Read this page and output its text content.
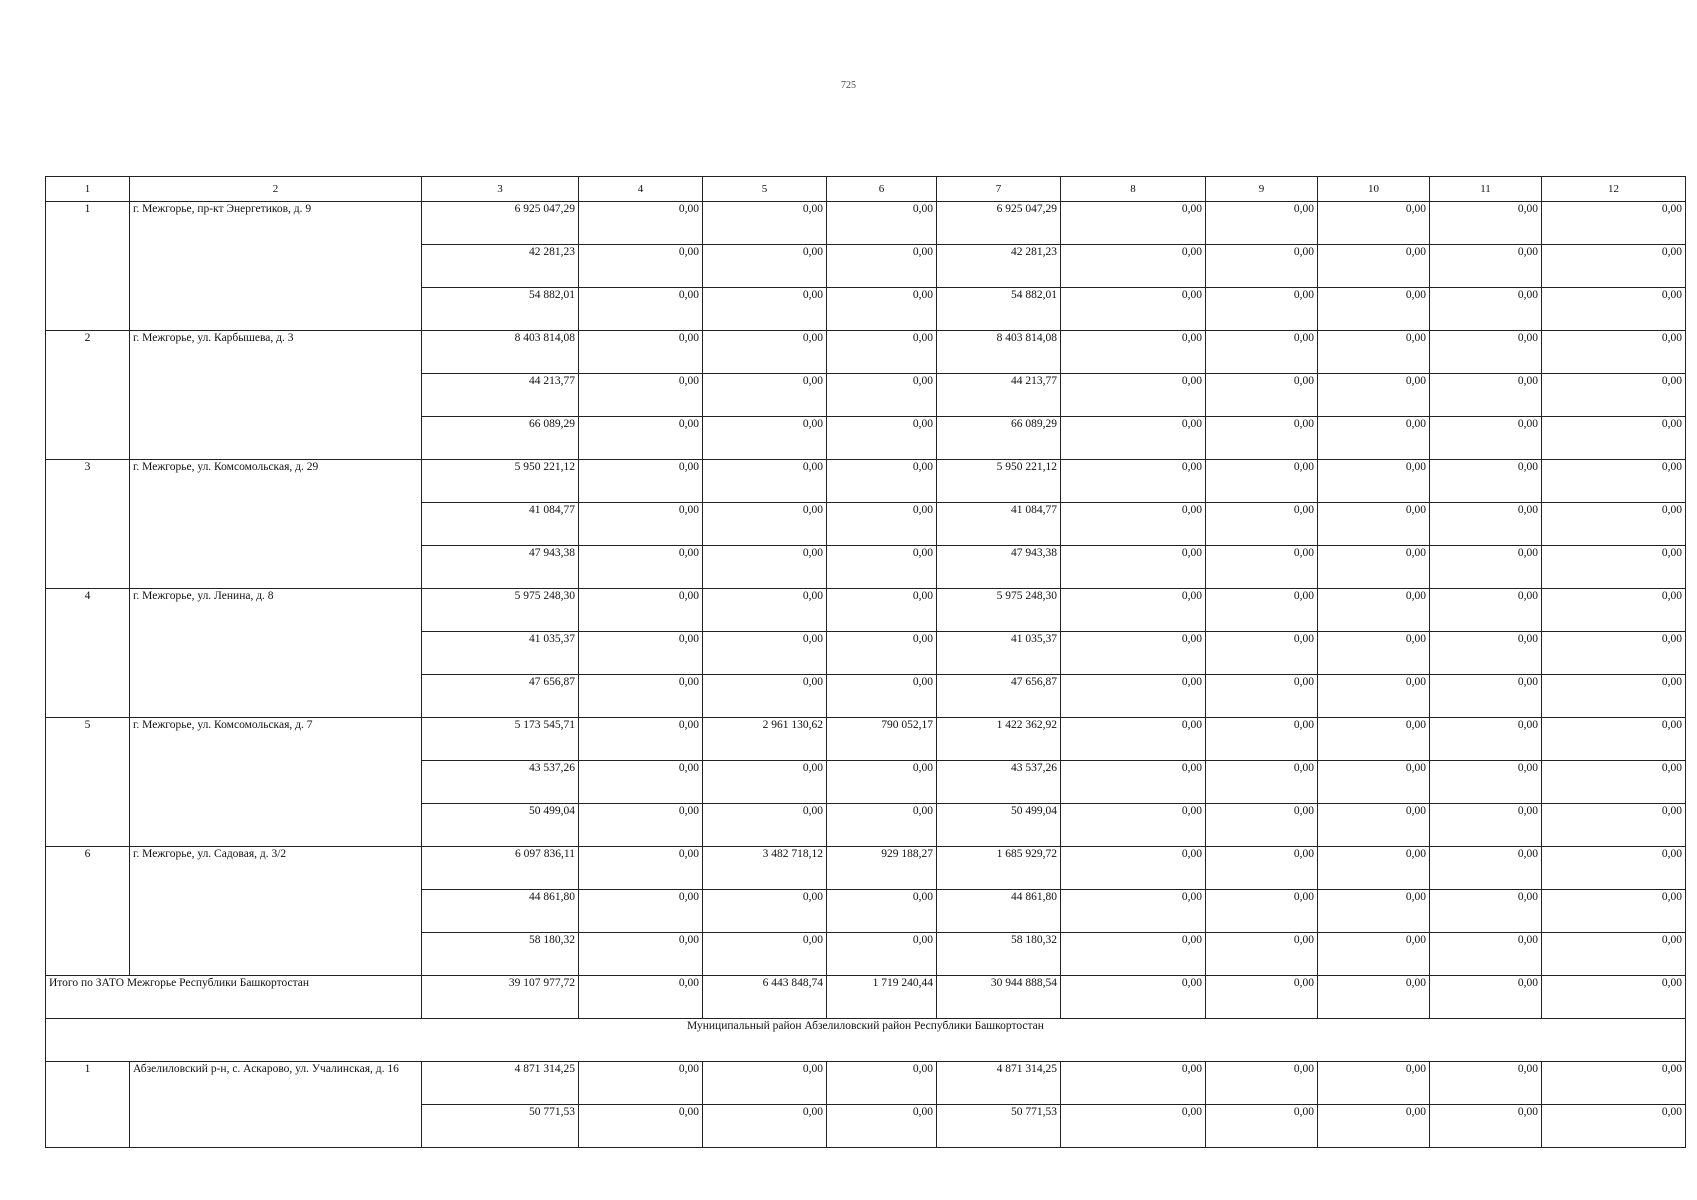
725
1	2	3	4	5	6	7	8	9	10	11	12
1	г. Межгорье, пр-кт Энергетиков, д. 9	6 925 047,29	0,00	0,00	0,00	6 925 047,29	0,00	0,00	0,00	0,00	0,00
		42 281,23	0,00	0,00	0,00	42 281,23	0,00	0,00	0,00	0,00	0,00
		54 882,01	0,00	0,00	0,00	54 882,01	0,00	0,00	0,00	0,00	0,00
2	г. Межгорье, ул. Карбышева, д. 3	8 403 814,08	0,00	0,00	0,00	8 403 814,08	0,00	0,00	0,00	0,00	0,00
		44 213,77	0,00	0,00	0,00	44 213,77	0,00	0,00	0,00	0,00	0,00
		66 089,29	0,00	0,00	0,00	66 089,29	0,00	0,00	0,00	0,00	0,00
3	г. Межгорье, ул. Комсомольская, д. 29	5 950 221,12	0,00	0,00	0,00	5 950 221,12	0,00	0,00	0,00	0,00	0,00
		41 084,77	0,00	0,00	0,00	41 084,77	0,00	0,00	0,00	0,00	0,00
		47 943,38	0,00	0,00	0,00	47 943,38	0,00	0,00	0,00	0,00	0,00
4	г. Межгорье, ул. Ленина, д. 8	5 975 248,30	0,00	0,00	0,00	5 975 248,30	0,00	0,00	0,00	0,00	0,00
		41 035,37	0,00	0,00	0,00	41 035,37	0,00	0,00	0,00	0,00	0,00
		47 656,87	0,00	0,00	0,00	47 656,87	0,00	0,00	0,00	0,00	0,00
5	г. Межгорье, ул. Комсомольская, д. 7	5 173 545,71	0,00	2 961 130,62	790 052,17	1 422 362,92	0,00	0,00	0,00	0,00	0,00
		43 537,26	0,00	0,00	0,00	43 537,26	0,00	0,00	0,00	0,00	0,00
		50 499,04	0,00	0,00	0,00	50 499,04	0,00	0,00	0,00	0,00	0,00
6	г. Межгорье, ул. Садовая, д. 3/2	6 097 836,11	0,00	3 482 718,12	929 188,27	1 685 929,72	0,00	0,00	0,00	0,00	0,00
		44 861,80	0,00	0,00	0,00	44 861,80	0,00	0,00	0,00	0,00	0,00
		58 180,32	0,00	0,00	0,00	58 180,32	0,00	0,00	0,00	0,00	0,00
Итого по ЗАТО Межгорье Республики Башкортостан		39 107 977,72	0,00	6 443 848,74	1 719 240,44	30 944 888,54	0,00	0,00	0,00	0,00	0,00
Муниципальный район Абзелиловский район Республики Башкортостан											
1	Абзелиловский р-н, с. Аскарово, ул. Учалинская, д. 16	4 871 314,25	0,00	0,00	0,00	4 871 314,25	0,00	0,00	0,00	0,00	0,00
		50 771,53	0,00	0,00	0,00	50 771,53	0,00	0,00	0,00	0,00	0,00
